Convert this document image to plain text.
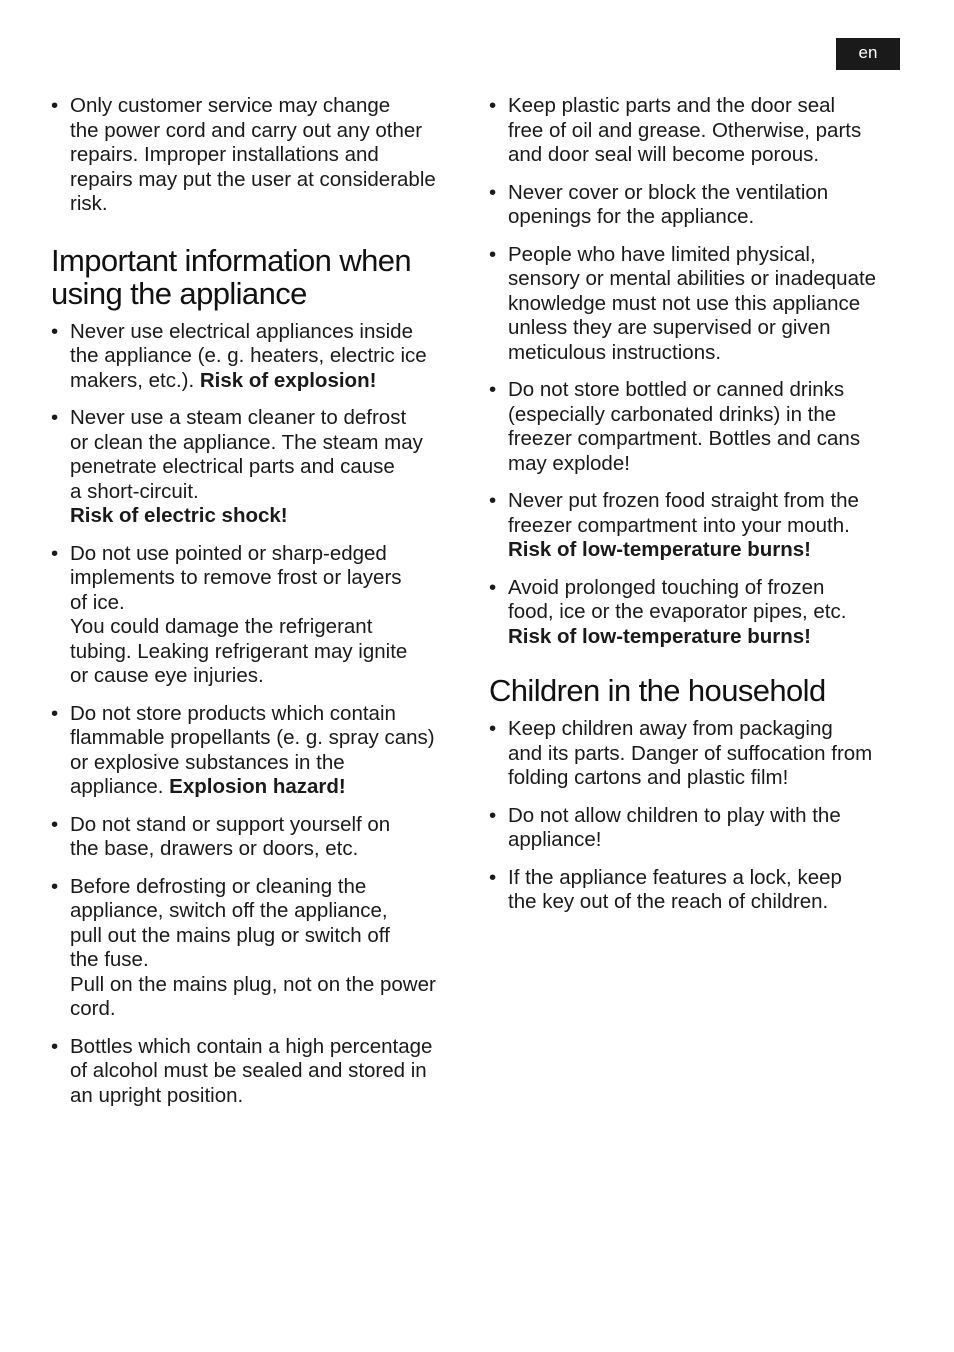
en
• Only customer service may change
the power cord and carry out any other
repairs. Improper installations and
repairs may put the user at considerable
risk.
Important information when using the appliance
• Never use electrical appliances inside
the appliance (e. g. heaters, electric ice
makers, etc.). Risk of explosion!
• Never use a steam cleaner to defrost
or clean the appliance. The steam may
penetrate electrical parts and cause
a short-circuit.
Risk of electric shock!
• Do not use pointed or sharp-edged
implements to remove frost or layers
of ice.
You could damage the refrigerant
tubing. Leaking refrigerant may ignite
or cause eye injuries.
• Do not store products which contain
flammable propellants (e. g. spray cans)
or explosive substances in the
appliance. Explosion hazard!
• Do not stand or support yourself on
the base, drawers or doors, etc.
• Before defrosting or cleaning the
appliance, switch off the appliance,
pull out the mains plug or switch off
the fuse.
Pull on the mains plug, not on the power
cord.
• Bottles which contain a high percentage
of alcohol must be sealed and stored in
an upright position.
• Keep plastic parts and the door seal
free of oil and grease. Otherwise, parts
and door seal will become porous.
• Never cover or block the ventilation
openings for the appliance.
• People who have limited physical,
sensory or mental abilities or inadequate
knowledge must not use this appliance
unless they are supervised or given
meticulous instructions.
• Do not store bottled or canned drinks
(especially carbonated drinks) in the
freezer compartment. Bottles and cans
may explode!
• Never put frozen food straight from the
freezer compartment into your mouth.
Risk of low-temperature burns!
• Avoid prolonged touching of frozen
food, ice or the evaporator pipes, etc.
Risk of low-temperature burns!
Children in the household
• Keep children away from packaging
and its parts. Danger of suffocation from
folding cartons and plastic film!
• Do not allow children to play with the
appliance!
• If the appliance features a lock, keep
the key out of the reach of children.
